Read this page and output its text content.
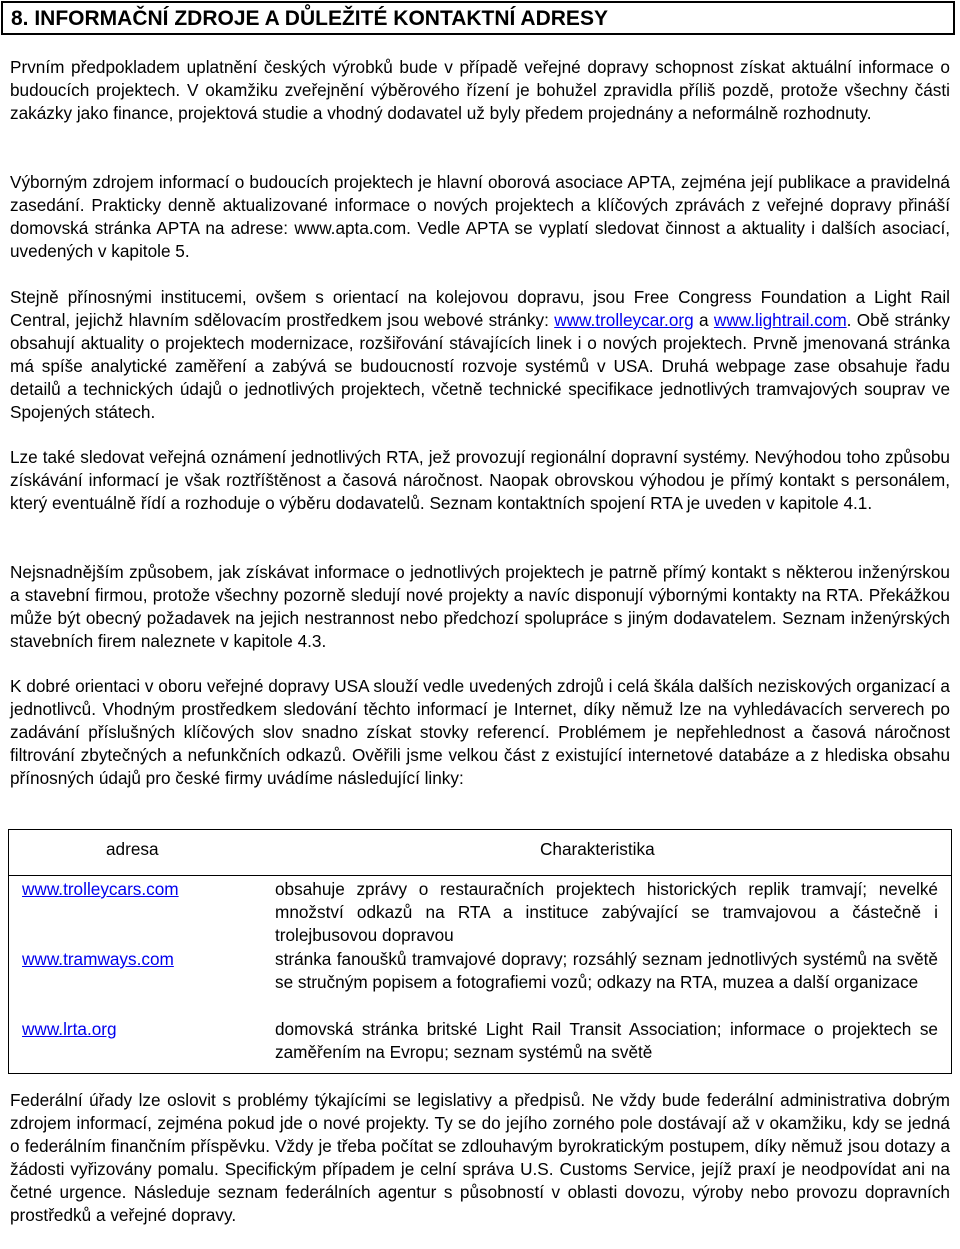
8. INFORMAČNÍ ZDROJE A DŮLEŽITÉ KONTAKTNÍ ADRESY

Prvním předpokladem uplatnění českých výrobků bude v případě veřejné dopravy schopnost získat aktuální informace o budoucích projektech. V okamžiku zveřejnění výběrového řízení je bohužel zpravidla příliš pozdě, protože všechny části zakázky jako finance, projektová studie a vhodný dodavatel už byly předem projednány a neformálně rozhodnuty.

Výborným zdrojem informací o budoucích projektech je hlavní oborová asociace APTA, zejména její publikace a pravidelná zasedání. Prakticky denně aktualizované informace o nových projektech a klíčových zprávách z veřejné dopravy přináší domovská stránka APTA na adrese: www.apta.com. Vedle APTA se vyplatí sledovat činnost a aktuality i dalších asociací, uvedených v kapitole 5.

Stejně přínosnými institucemi, ovšem s orientací na kolejovou dopravu, jsou Free Congress Foundation a Light Rail Central, jejichž hlavním sdělovacím prostředkem jsou webové stránky: www.trolleycar.org a www.lightrail.com. Obě stránky obsahují aktuality o projektech modernizace, rozšiřování stávajících linek i o nových projektech. Prvně jmenovaná stránka má spíše analytické zaměření a zabývá se budoucností rozvoje systémů v USA. Druhá webpage zase obsahuje řadu detailů a technických údajů o jednotlivých projektech, včetně technické specifikace jednotlivých tramvajových souprav ve Spojených státech.

Lze také sledovat veřejná oznámení jednotlivých RTA, jež provozují regionální dopravní systémy. Nevýhodou toho způsobu získávání informací je však roztříštěnost a časová náročnost. Naopak obrovskou výhodou je přímý kontakt s personálem, který eventuálně řídí a rozhoduje o výběru dodavatelů. Seznam kontaktních spojení RTA je uveden v kapitole 4.1.

Nejsnadnějším způsobem, jak získávat informace o jednotlivých projektech je patrně přímý kontakt s některou inženýrskou a stavební firmou, protože všechny pozorně sledují nové projekty a navíc disponují výbornými kontakty na RTA. Překážkou může být obecný požadavek na jejich nestrannost nebo předchozí spolupráce s jiným dodavatelem. Seznam inženýrských stavebních firem naleznete v kapitole 4.3.

K dobré orientaci v oboru veřejné dopravy USA slouží vedle uvedených zdrojů i celá škála dalších neziskových organizací a jednotlivců. Vhodným prostředkem sledování těchto informací je Internet, díky němuž lze na vyhledávacích serverech po zadávání příslušných klíčových slov snadno získat stovky referencí. Problémem je nepřehlednost a časová náročnost filtrování zbytečných a nefunkčních odkazů. Ověřili jsme velkou část z existující internetové databáze a z hlediska obsahu přínosných údajů pro české firmy uvádíme následující linky:

adresa	Charakteristika
www.trolleycars.com	obsahuje zprávy o restauračních projektech historických replik tramvají; nevelké množství odkazů na RTA a instituce zabývající se tramvajovou a částečně i trolejbusovou dopravou

www.tramways.com	stránka fanoušků tramvajové dopravy; rozsáhlý seznam jednotlivých systémů na světě se stručným popisem a fotografiemi vozů; odkazy na RTA, muzea a další organizace

www.lrta.org	domovská stránka britské Light Rail Transit Association; informace o projektech se zaměřením na Evropu; seznam systémů na světě

Federální úřady lze oslovit s problémy týkajícími se legislativy a předpisů. Ne vždy bude federální administrativa dobrým zdrojem informací, zejména pokud jde o nové projekty. Ty se do jejího zorného pole dostávají až v okamžiku, kdy se jedná o federálním finančním příspěvku. Vždy je třeba počítat se zdlouhavým byrokratickým postupem, díky němuž jsou dotazy a žádosti vyřizovány pomalu. Specifickým případem je celní správa U.S. Customs Service, jejíž praxí je neodpovídat ani na četné urgence. Následuje seznam federálních agentur s působností v oblasti dovozu, výroby nebo provozu dopravních prostředků a veřejné dopravy.
